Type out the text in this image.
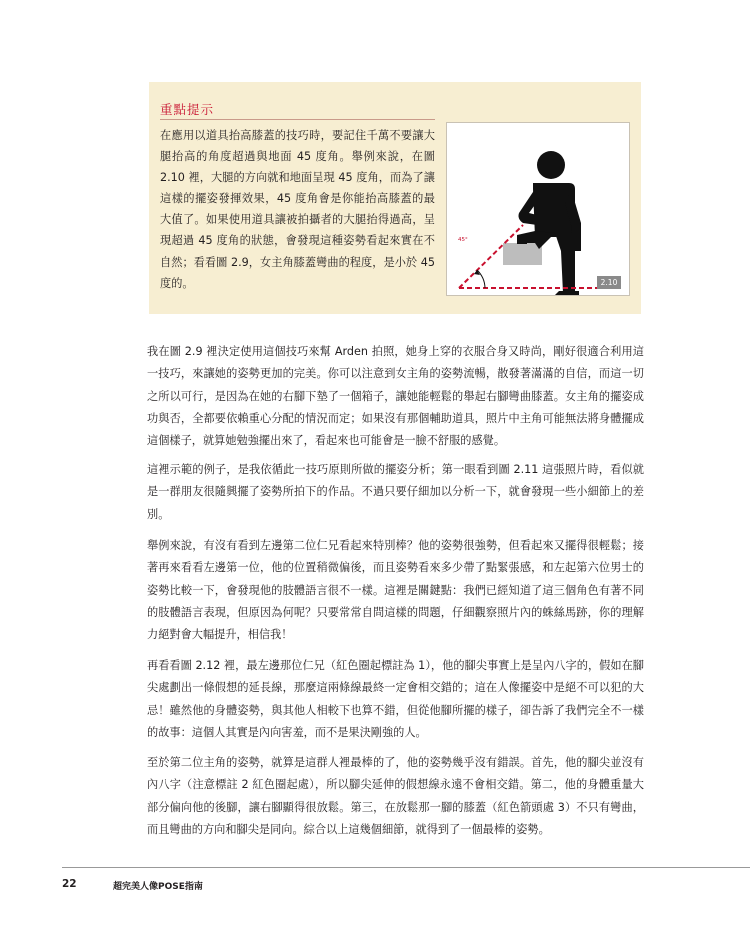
重點提示

在應用以道具抬高膝蓋的技巧時，要記住千萬不要讓大腿抬高的角度超過與地面 45 度角。舉例來說，在圖 2.10 裡，大腿的方向就和地面呈現 45 度角，而為了讓這樣的擺姿發揮效果，45 度角會是你能抬高膝蓋的最大值了。如果使用道具讓被拍攝者的大腿抬得過高，呈現超過 45 度角的狀態，會發現這種姿勢看起來實在不自然；看看圖 2.9，女主角膝蓋彎曲的程度，是小於 45 度的。

45°
2.10

我在圖 2.9 裡決定使用這個技巧來幫 Arden 拍照，她身上穿的衣服合身又時尚，剛好很適合利用這一技巧，來讓她的姿勢更加的完美。你可以注意到女主角的姿勢流暢，散發著滿滿的自信，而這一切之所以可行，是因為在她的右腳下墊了一個箱子，讓她能輕鬆的舉起右腳彎曲膝蓋。女主角的擺姿成功與否，全都要依賴重心分配的情況而定；如果沒有那個輔助道具，照片中主角可能無法將身體擺成這個樣子，就算她勉強擺出來了，看起來也可能會是一臉不舒服的感覺。

這裡示範的例子，是我依循此一技巧原則所做的擺姿分析；第一眼看到圖 2.11 這張照片時，看似就是一群朋友很隨興擺了姿勢所拍下的作品。不過只要仔細加以分析一下，就會發現一些小細節上的差別。

舉例來說，有沒有看到左邊第二位仁兄看起來特別棒？他的姿勢很強勢，但看起來又擺得很輕鬆；接著再來看看左邊第一位，他的位置稍微偏後，而且姿勢看來多少帶了點緊張感，和左起第六位男士的姿勢比較一下，會發現他的肢體語言很不一樣。這裡是關鍵點：我們已經知道了這三個角色有著不同的肢體語言表現，但原因為何呢？只要常常自問這樣的問題，仔細觀察照片內的蛛絲馬跡，你的理解力絕對會大幅提升，相信我！

再看看圖 2.12 裡，最左邊那位仁兄（紅色圈起標註為 1），他的腳尖事實上是呈內八字的，假如在腳尖處劃出一條假想的延長線，那麼這兩條線最終一定會相交錯的；這在人像擺姿中是絕不可以犯的大忌！雖然他的身體姿勢，與其他人相較下也算不錯，但從他腳所擺的樣子，卻告訴了我們完全不一樣的故事：這個人其實是內向害羞，而不是果決剛強的人。

至於第二位主角的姿勢，就算是這群人裡最棒的了，他的姿勢幾乎沒有錯誤。首先，他的腳尖並沒有內八字（注意標註 2 紅色圈起處），所以腳尖延伸的假想線永遠不會相交錯。第二，他的身體重量大部分偏向他的後腳，讓右腳顯得很放鬆。第三，在放鬆那一腳的膝蓋（紅色箭頭處 3）不只有彎曲，而且彎曲的方向和腳尖是同向。綜合以上這幾個細節，就得到了一個最棒的姿勢。

22	超完美人像POSE指南
